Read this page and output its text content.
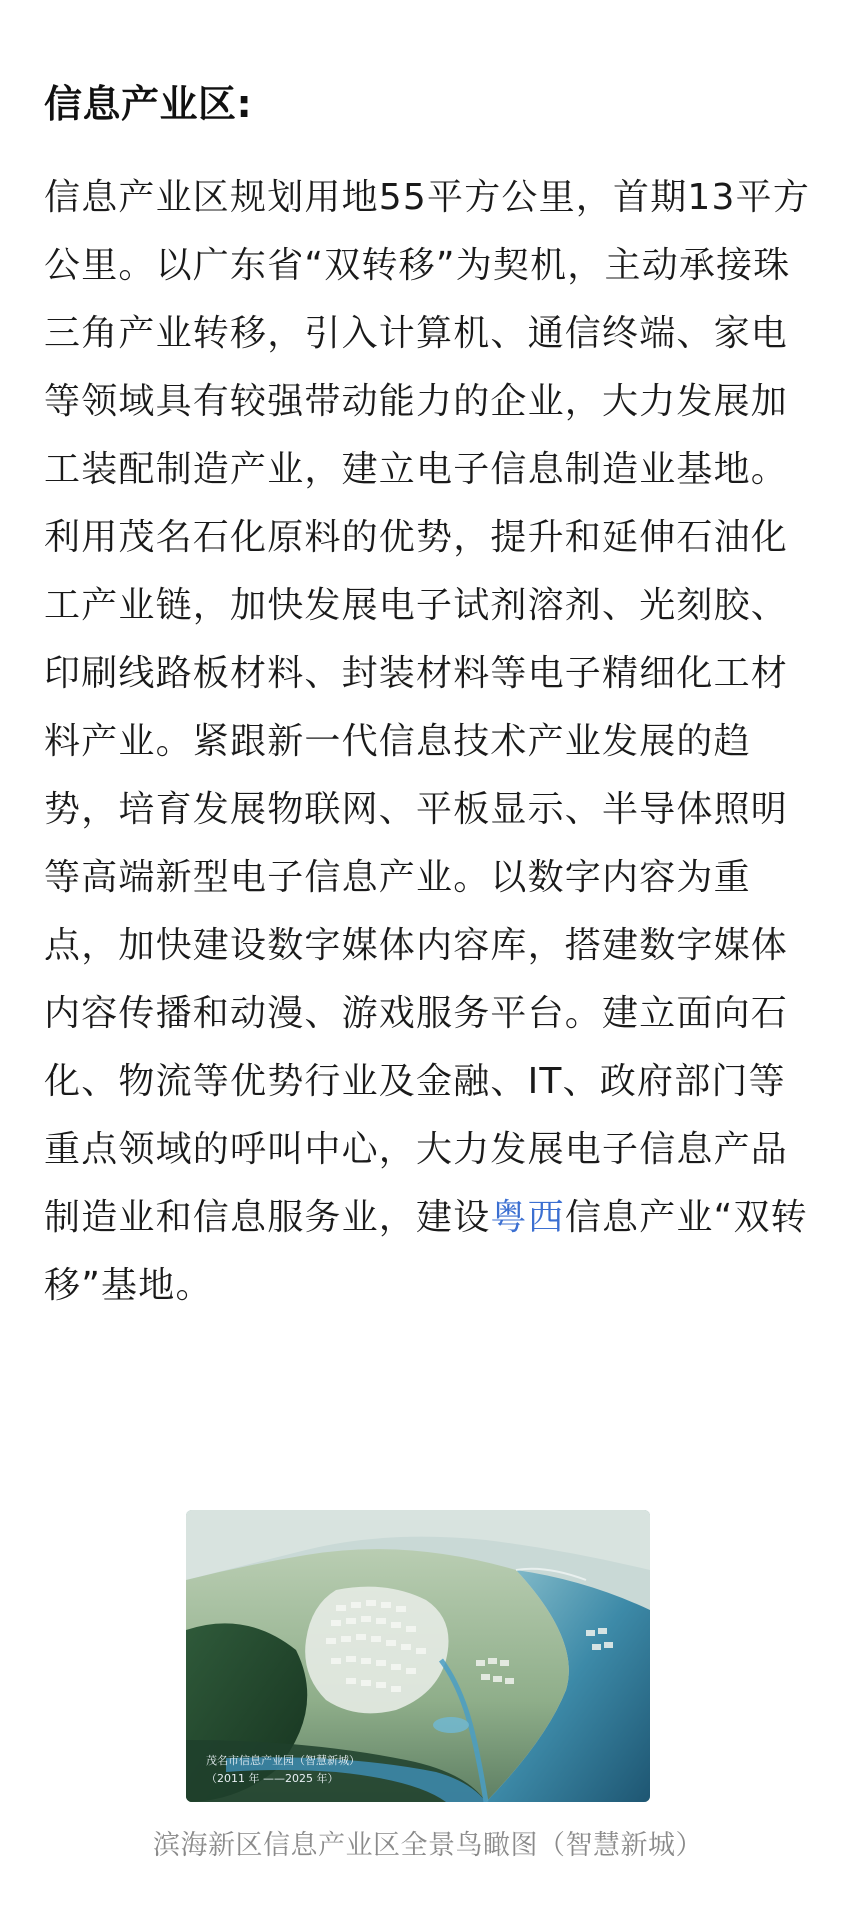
信息产业区:

信息产业区规划用地55平方公里，首期13平方公里。以广东省“双转移”为契机，主动承接珠三角产业转移，引入计算机、通信终端、家电等领域具有较强带动能力的企业，大力发展加工装配制造产业，建立电子信息制造业基地。利用茂名石化原料的优势，提升和延伸石油化工产业链，加快发展电子试剂溶剂、光刻胶、印刷线路板材料、封装材料等电子精细化工材料产业。紧跟新一代信息技术产业发展的趋势，培育发展物联网、平板显示、半导体照明等高端新型电子信息产业。以数字内容为重点，加快建设数字媒体内容库，搭建数字媒体内容传播和动漫、游戏服务平台。建立面向石化、物流等优势行业及金融、IT、政府部门等重点领域的呼叫中心，大力发展电子信息产品制造业和信息服务业，建设粤西信息产业“双转移”基地。

茂名市信息产业园（智慧新城）
（2011 年 ——2025 年）
滨海新区信息产业区全景鸟瞰图（智慧新城）
